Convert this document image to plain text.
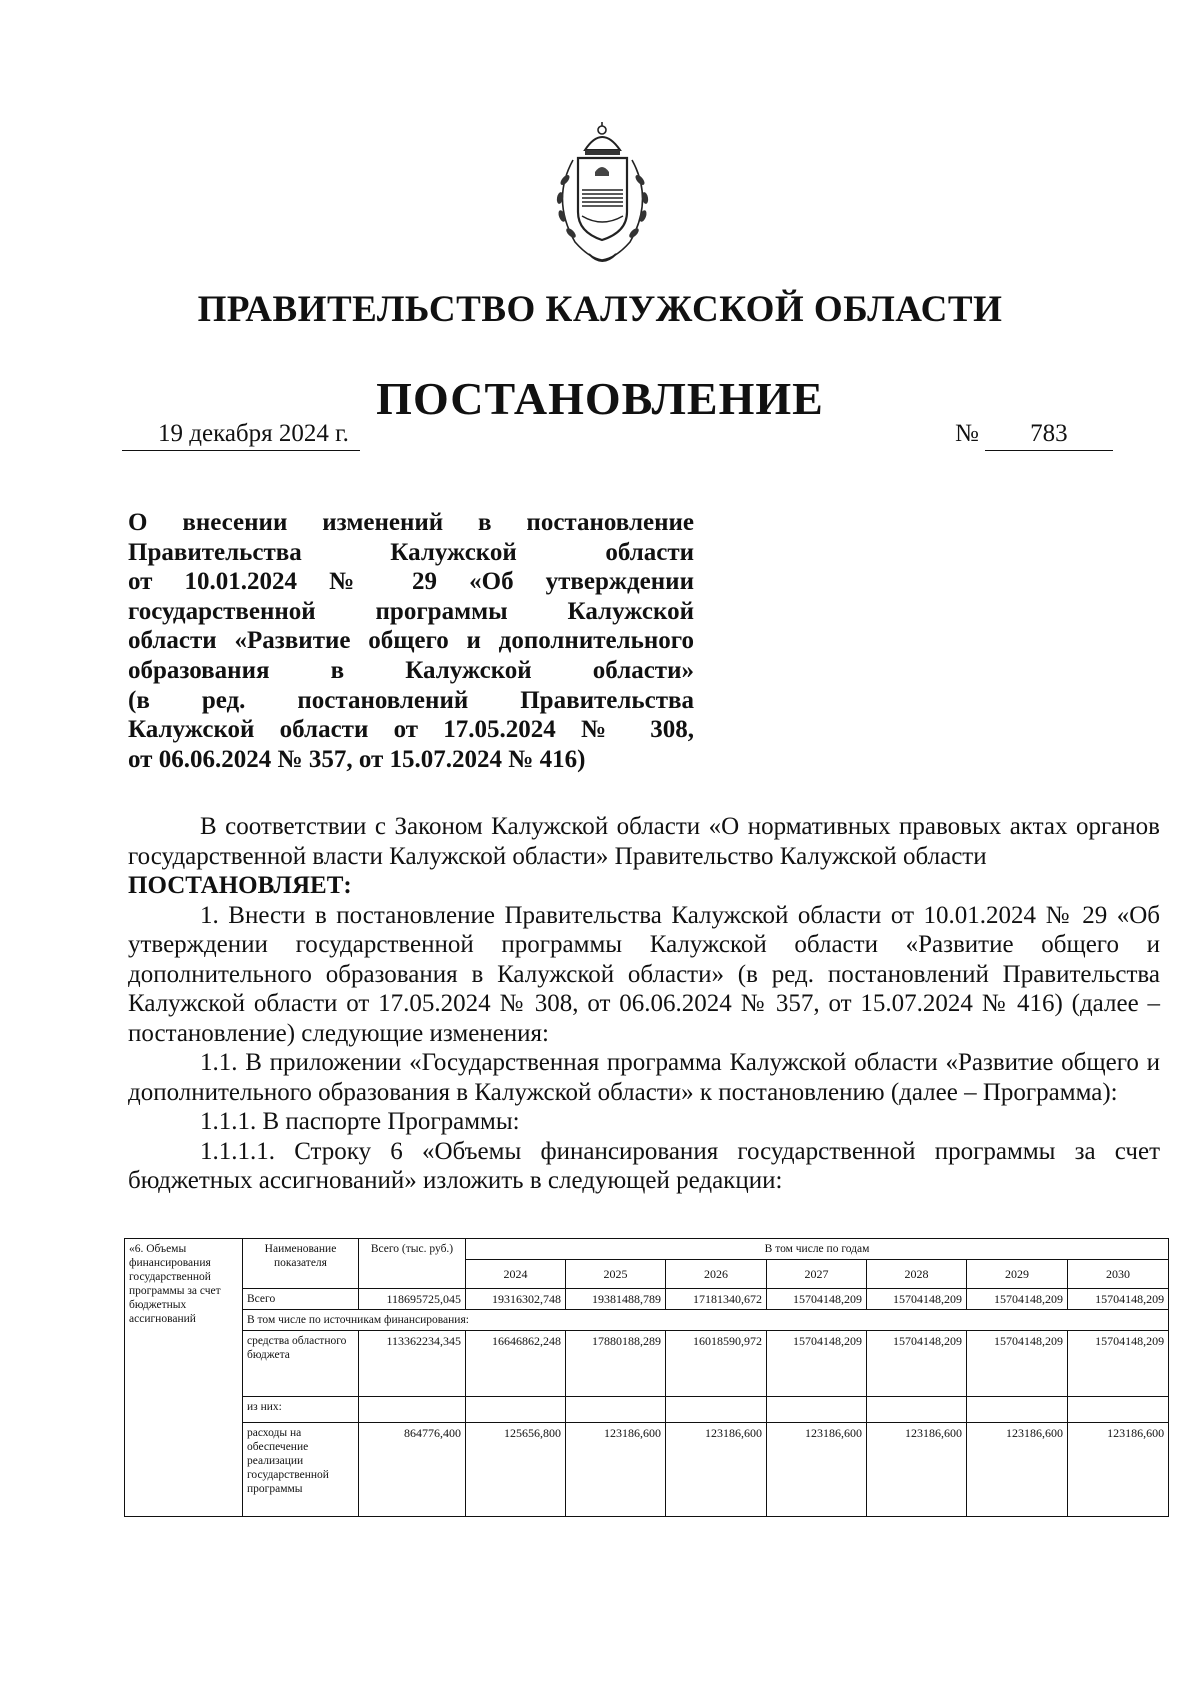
ПРАВИТЕЛЬСТВО КАЛУЖСКОЙ ОБЛАСТИ
ПОСТАНОВЛЕНИЕ
19 декабря 2024 г.	№	783
О внесении изменений в постановление
Правительства Калужской области
от 10.01.2024 № 29 «Об утверждении
государственной программы Калужской
области «Развитие общего и дополнительного
образования в Калужской области»
(в ред. постановлений Правительства
Калужской области от 17.05.2024 № 308,
от 06.06.2024 № 357, от 15.07.2024 № 416)

В соответствии с Законом Калужской области «О нормативных правовых актах органов государственной власти Калужской области» Правительство Калужской области

ПОСТАНОВЛЯЕТ:

1. Внести в постановление Правительства Калужской области от 10.01.2024 № 29 «Об утверждении государственной программы Калужской области «Развитие общего и дополнительного образования в Калужской области» (в ред. постановлений Правительства Калужской области от 17.05.2024 № 308, от 06.06.2024 № 357, от 15.07.2024 № 416) (далее – постановление) следующие изменения:

1.1. В приложении «Государственная программа Калужской области «Развитие общего и дополнительного образования в Калужской области» к постановлению (далее – Программа):

1.1.1. В паспорте Программы:

1.1.1.1. Строку 6 «Объемы финансирования государственной программы за счет бюджетных ассигнований» изложить в следующей редакции:

«6. Объемы финансирования государственной программы за счет бюджетных ассигнований	Наименование показателя	Всего (тыс. руб.)	В том числе по годам						
			2024	2025	2026	2027	2028	2029	2030
	Всего	118695725,045	19316302,748	19381488,789	17181340,672	15704148,209	15704148,209	15704148,209	15704148,209
	В том числе по источникам финансирования:								
	средства областного бюджета	113362234,345	16646862,248	17880188,289	16018590,972	15704148,209	15704148,209	15704148,209	15704148,209
	из них:								
	расходы на обеспечение реализации государственной программы	864776,400	125656,800	123186,600	123186,600	123186,600	123186,600	123186,600	123186,600
